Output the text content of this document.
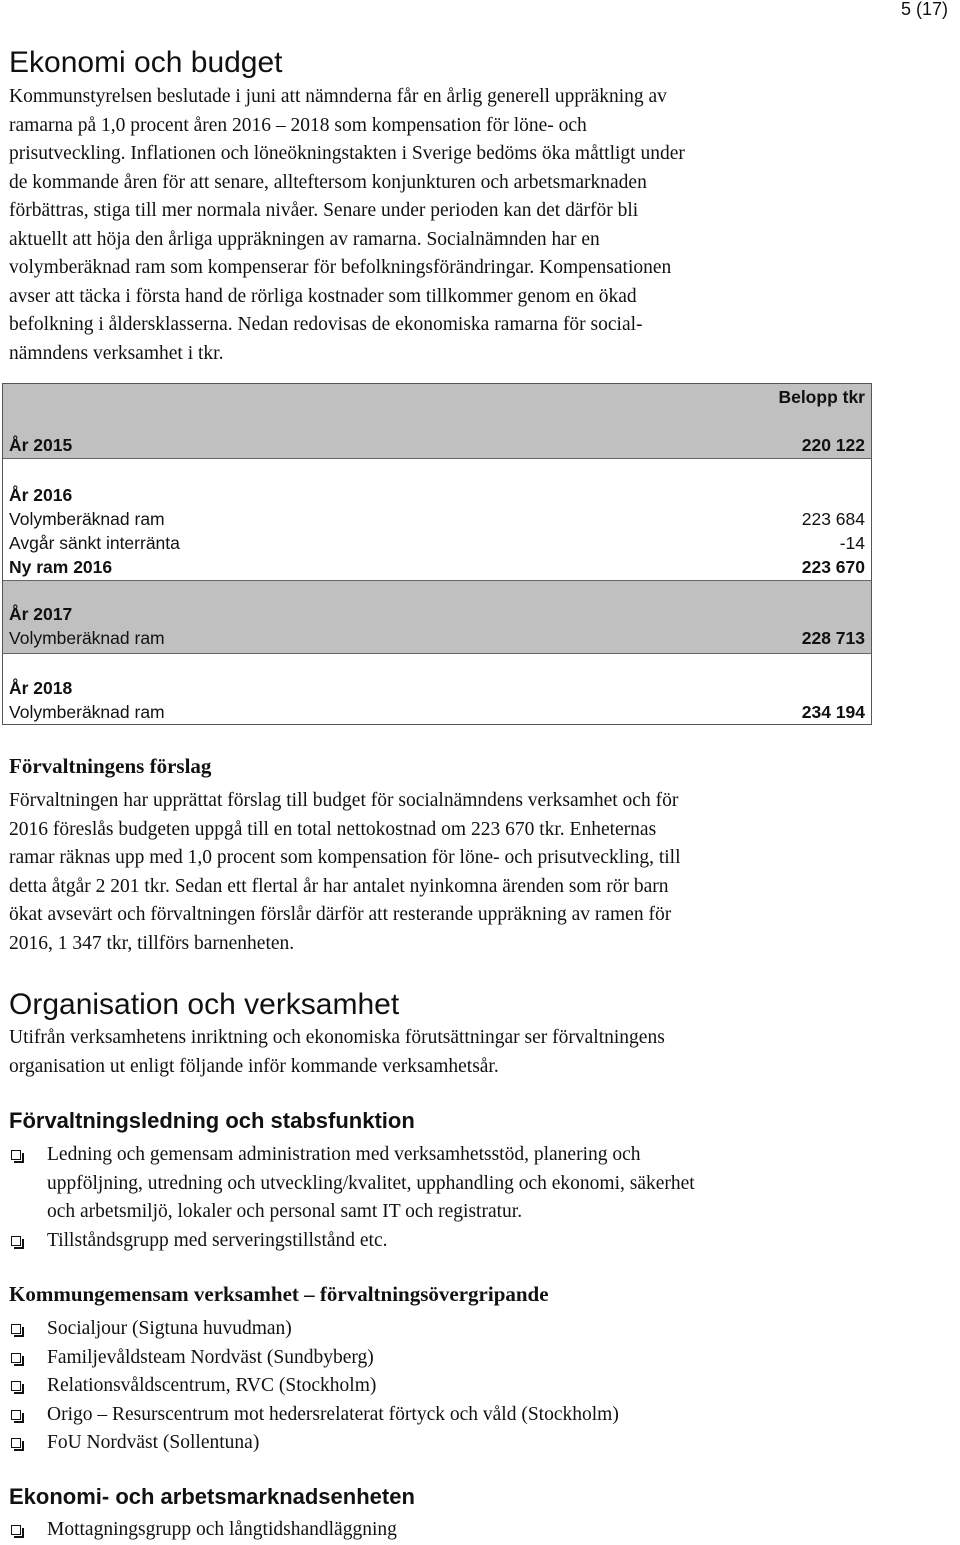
5 (17)
Ekonomi och budget
Kommunstyrelsen beslutade i juni att nämnderna får en årlig generell uppräkning av
ramarna på 1,0 procent åren 2016 – 2018 som kompensation för löne- och
prisutveckling. Inflationen och löneökningstakten i Sverige bedöms öka måttligt under
de kommande åren för att senare, allteftersom konjunkturen och arbetsmarknaden
förbättras, stiga till mer normala nivåer. Senare under perioden kan det därför bli
aktuellt att höja den årliga uppräkningen av ramarna. Socialnämnden har en
volymberäknad ram som kompenserar för befolkningsförändringar. Kompensationen
avser att täcka i första hand de rörliga kostnader som tillkommer genom en ökad
befolkning i åldersklasserna. Nedan redovisas de ekonomiska ramarna för social-
nämndens verksamhet i tkr.
Belopp tkr
År 2015	220 122
År 2016
Volymberäknad ram	223 684
Avgår sänkt interränta	-14
Ny ram 2016	223 670
År 2017
Volymberäknad ram	228 713
År 2018
Volymberäknad ram	234 194
Förvaltningens förslag
Förvaltningen har upprättat förslag till budget för socialnämndens verksamhet och för
2016 föreslås budgeten uppgå till en total nettokostnad om 223 670 tkr. Enheternas
ramar räknas upp med 1,0 procent som kompensation för löne- och prisutveckling, till
detta åtgår 2 201 tkr. Sedan ett flertal år har antalet nyinkomna ärenden som rör barn
ökat avsevärt och förvaltningen förslår därför att resterande uppräkning av ramen för
2016, 1 347 tkr, tillförs barnenheten.
Organisation och verksamhet
Utifrån verksamhetens inriktning och ekonomiska förutsättningar ser förvaltningens
organisation ut enligt följande inför kommande verksamhetsår.
Förvaltningsledning och stabsfunktion
Ledning och gemensam administration med verksamhetsstöd, planering och
uppföljning, utredning och utveckling/kvalitet, upphandling och ekonomi, säkerhet
och arbetsmiljö, lokaler och personal samt IT och registratur.
Tillståndsgrupp med serveringstillstånd etc.
Kommungemensam verksamhet – förvaltningsövergripande
Socialjour (Sigtuna huvudman)
Familjevåldsteam Nordväst (Sundbyberg)
Relationsvåldscentrum, RVC (Stockholm)
Origo – Resurscentrum mot hedersrelaterat förtyck och våld (Stockholm)
FoU Nordväst (Sollentuna)
Ekonomi- och arbetsmarknadsenheten
Mottagningsgrupp och långtidshandläggning
